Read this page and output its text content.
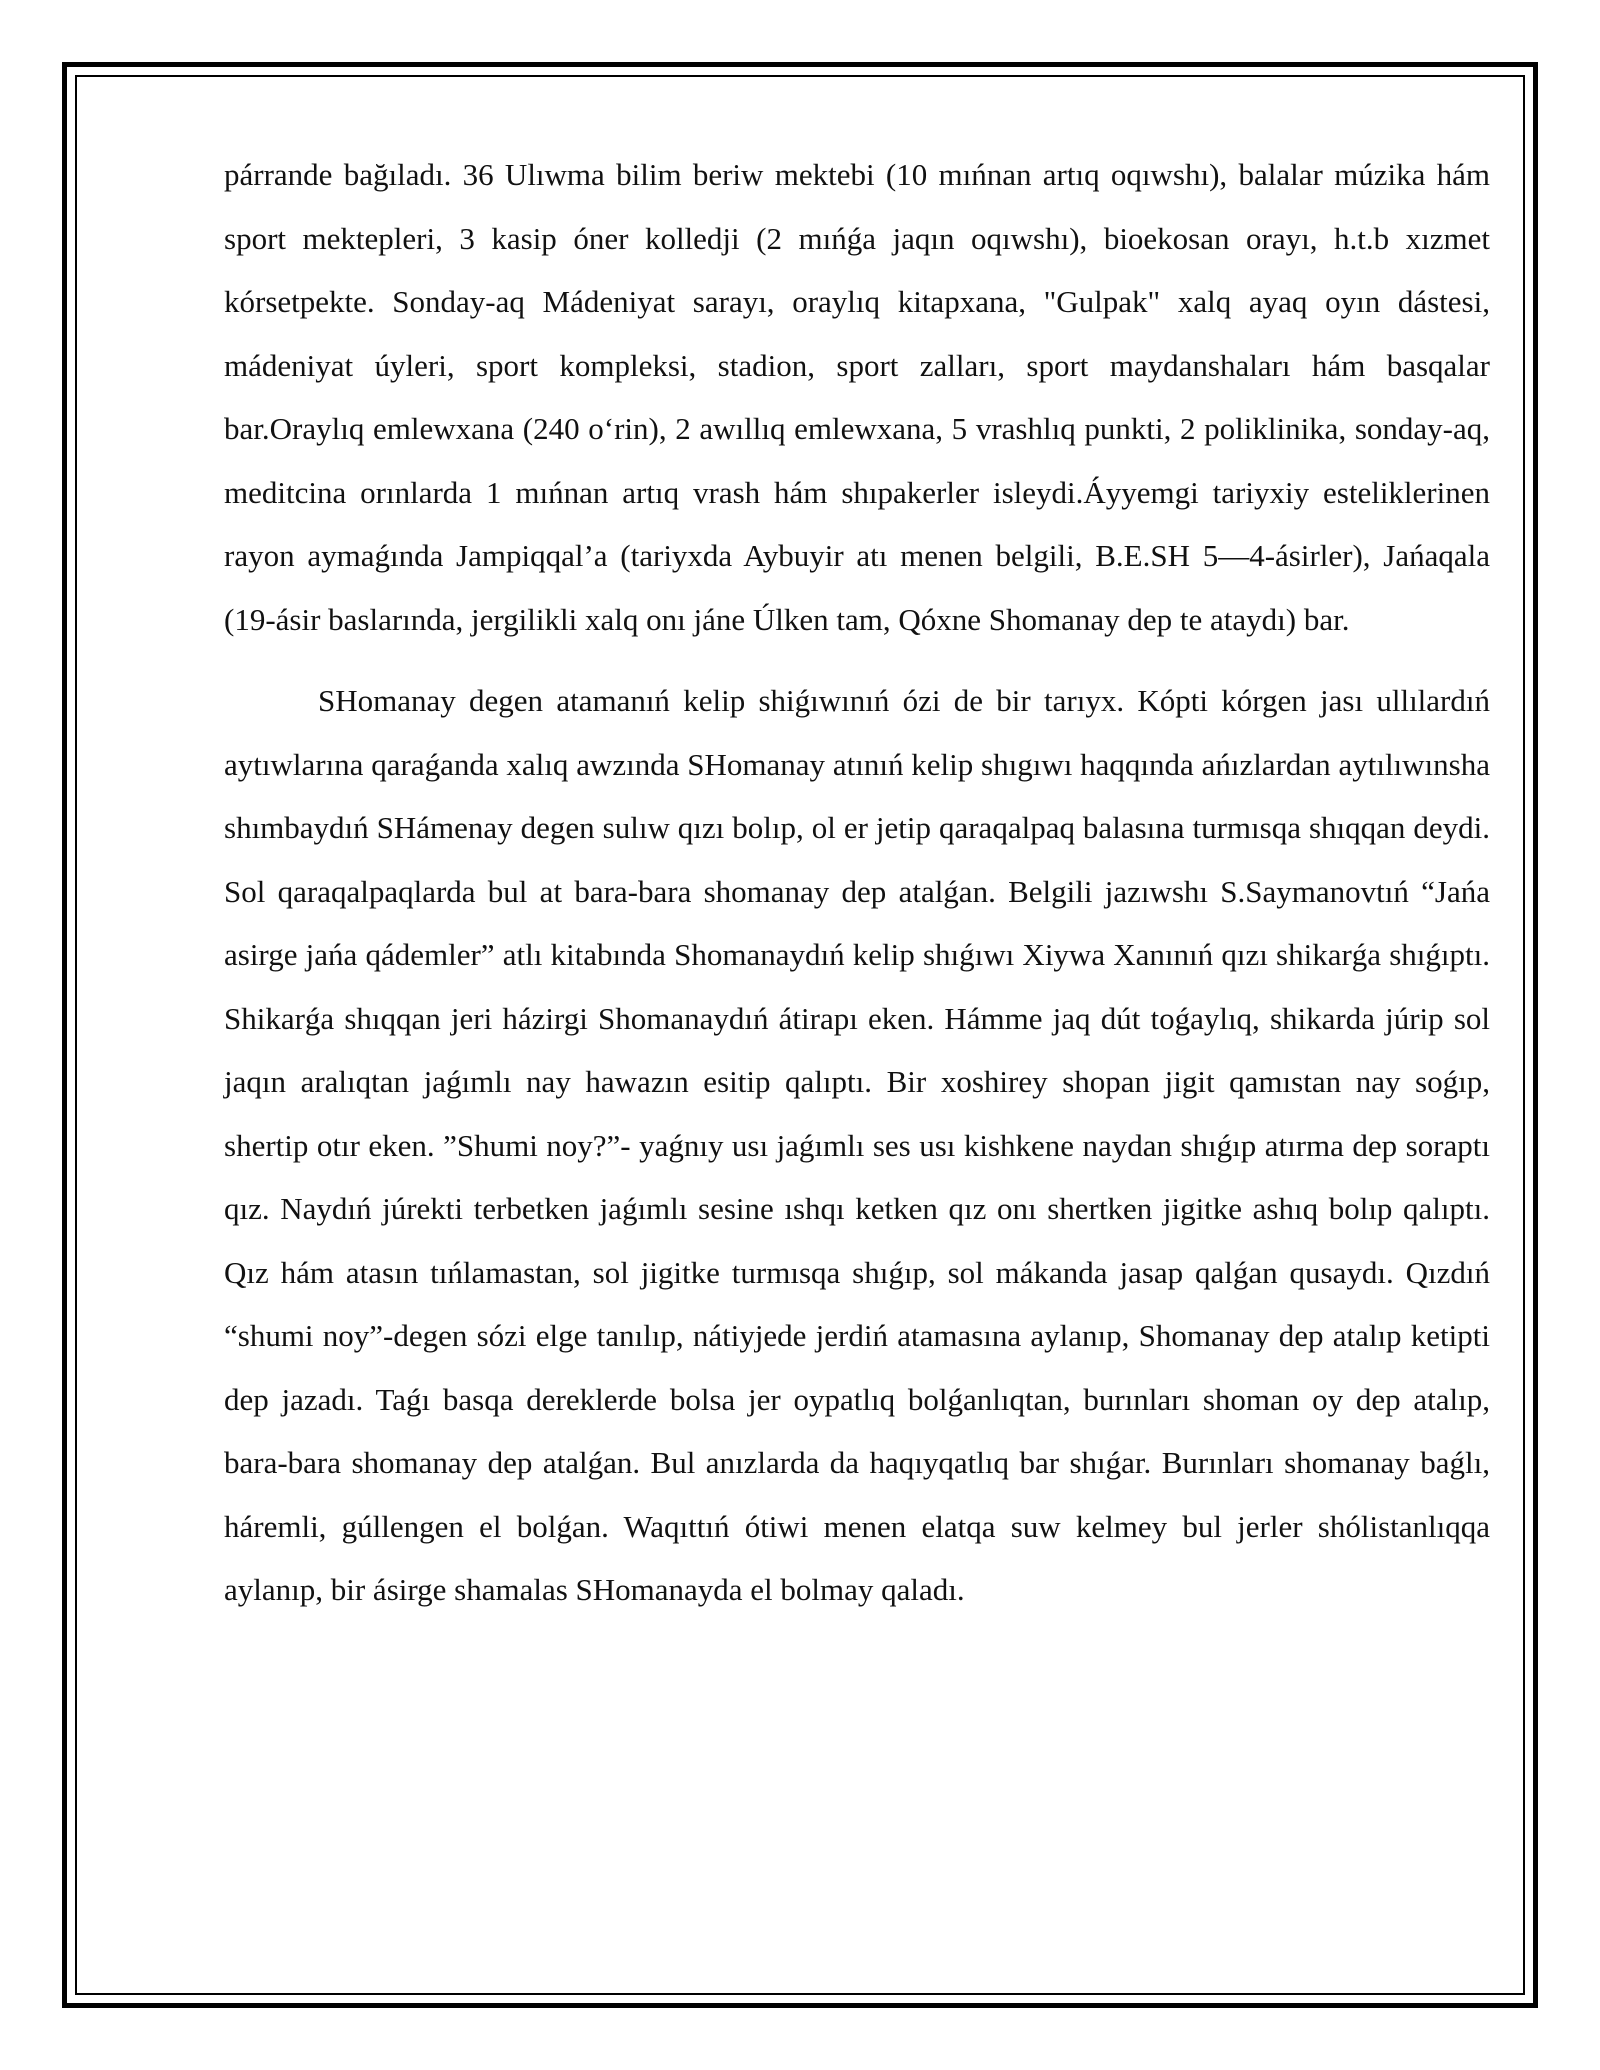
párrande bağıladı. 36 Ulıwma bilim beriw mektebi (10 mıńnan artıq oqıwshı), balalar múzika hám sport mektepleri, 3 kasip óner kolledji (2 mıńǵa jaqın oqıwshı), bioekosan orayı, h.t.b xızmet kórsetpekte. Sonday-aq Mádeniyat sarayı, oraylıq kitapxana, "Gulpak" xalq ayaq oyın dástesi, mádeniyat úyleri, sport kompleksi, stadion, sport zalları, sport maydanshaları hám basqalar bar.Oraylıq emlewxana (240 oʻrin), 2 awıllıq emlewxana, 5 vrashlıq punkti, 2 poliklinika, sonday-aq, meditcina orınlarda 1 mıńnan artıq vrash hám shıpakerler isleydi.Áyyemgi tariyxiy esteliklerinen rayon aymaǵında Jampiqqal’a (tariyxda Aybuyir atı menen belgili, B.E.SH 5—4-ásirler), Jańaqala (19-ásir baslarında, jergilikli xalq onı jáne Úlken tam, Qóxne Shomanay dep te ataydı) bar.

SHomanay degen atamanıń kelip shiǵıwınıń ózi de bir tarıyx. Kópti kórgen jası ullılardıń aytıwlarına qaraǵanda xalıq awzında SHomanay atınıń kelip shıgıwı haqqında ańızlardan aytılıwınsha shımbaydıń SHámenay degen sulıw qızı bolıp, ol er jetip qaraqalpaq balasına turmısqa shıqqan deydi. Sol qaraqalpaqlarda bul at bara-bara shomanay dep atalǵan. Belgili jazıwshı S.Saymanovtıń “Jańa asirge jańa qádemler” atlı kitabında Shomanaydıń kelip shıǵıwı Xiywa Xanınıń qızı shikarǵa shıǵıptı. Shikarǵa shıqqan jeri házirgi Shomanaydıń átirapı eken. Hámme jaq dút toǵaylıq, shikarda júrip sol jaqın aralıqtan jaǵımlı nay hawazın esitip qalıptı. Bir xoshirey shopan jigit qamıstan nay soǵıp, shertip otır eken. ”Shumi noy?”- yaǵnıy usı jaǵımlı ses usı kishkene naydan shıǵıp atırma dep soraptı qız. Naydıń júrekti terbetken jaǵımlı sesine ıshqı ketken qız onı shertken jigitke ashıq bolıp qalıptı. Qız hám atasın tıńlamastan, sol jigitke turmısqa shıǵıp, sol mákanda jasap qalǵan qusaydı. Qızdıń “shumi noy”-degen sózi elge tanılıp, nátiyjede jerdiń atamasına aylanıp, Shomanay dep atalıp ketipti dep jazadı. Taǵı basqa dereklerde bolsa jer oypatlıq bolǵanlıqtan, burınları shoman oy dep atalıp, bara-bara shomanay dep atalǵan. Bul anızlarda da haqıyqatlıq bar shıǵar. Burınları shomanay baǵlı, háremli, gúllengen el bolǵan. Waqıttıń ótiwi menen elatqa suw kelmey bul jerler shólistanlıqqa aylanıp, bir ásirge shamalas SHomanayda el bolmay qaladı.
